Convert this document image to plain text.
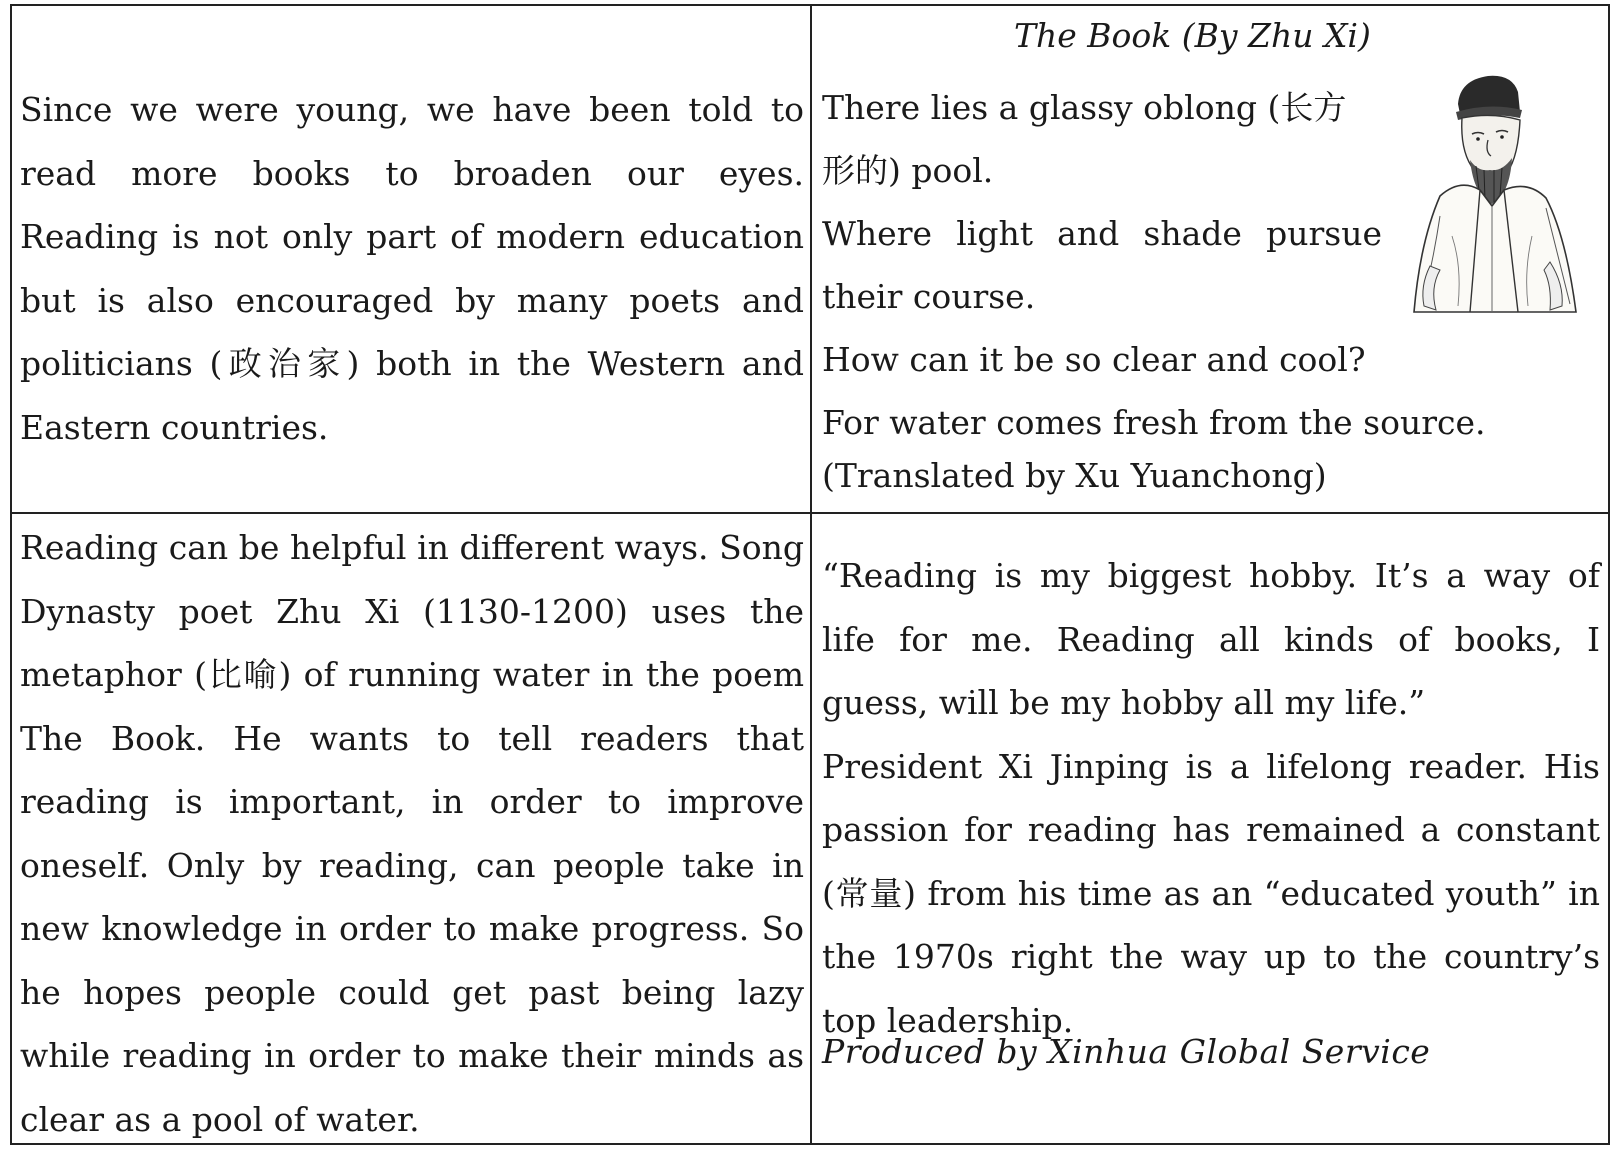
Since we were young, we have been told to read more books to broaden our eyes. Reading is not only part of modern education but is also encouraged by many poets and politicians (政治家) both in the Western and Eastern countries.

The Book (By Zhu Xi)
There lies a glassy oblong (长方
形的) pool.
Where light and shade pursue
their course.
How can it be so clear and cool?
For water comes fresh from the source.
(Translated by Xu Yuanchong)

Reading can be helpful in different ways. Song Dynasty poet Zhu Xi (1130-1200) uses the metaphor (比喻) of running water in the poem The Book. He wants to tell readers that reading is important, in order to improve oneself. Only by reading, can people take in new knowledge in order to make progress. So he hopes people could get past being lazy while reading in order to make their minds as clear as a pool of water.

“Reading is my biggest hobby. It’s a way of life for me. Reading all kinds of books, I guess, will be my hobby all my life.”
President Xi Jinping is a lifelong reader. His passion for reading has remained a constant (常量) from his time as an “educated youth” in the 1970s right the way up to the country’s top leadership.

Produced by Xinhua Global Service
